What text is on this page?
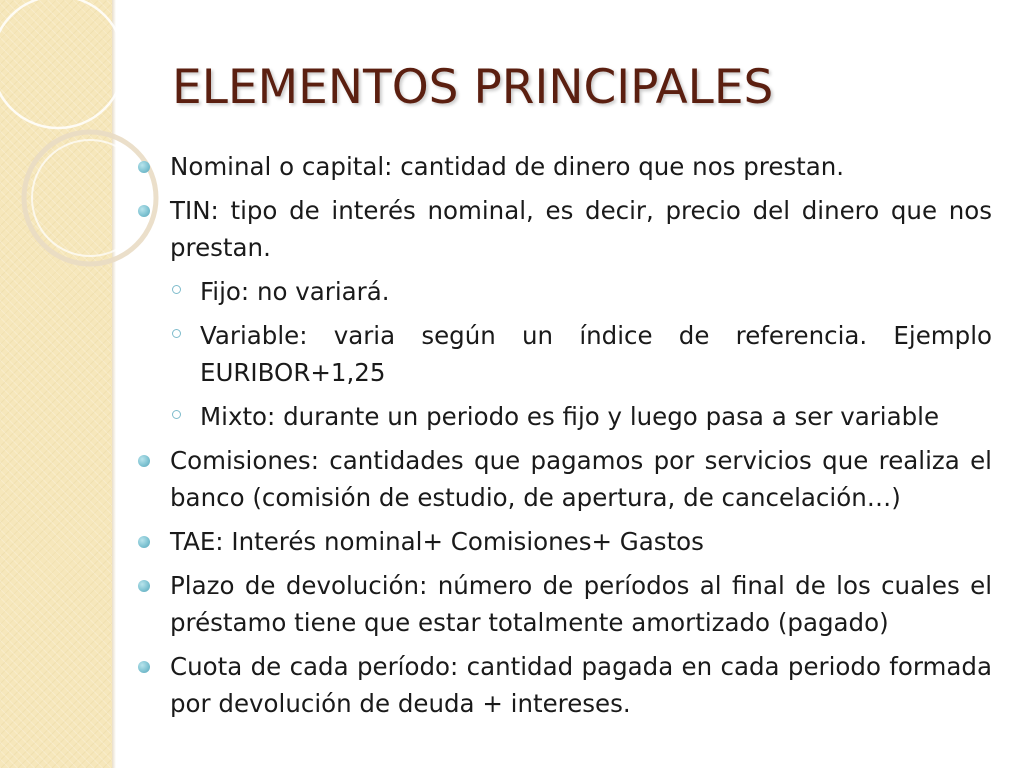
ELEMENTOS PRINCIPALES
Nominal o capital: cantidad de dinero que nos prestan.
TIN: tipo de interés nominal, es decir, precio del dinero que nos prestan.
Fijo: no variará.
Variable: varia según un índice de referencia. Ejemplo EURIBOR+1,25
Mixto: durante un periodo es fijo y luego pasa a ser variable
Comisiones: cantidades que pagamos por servicios que realiza el banco (comisión de estudio, de apertura, de cancelación…)
TAE: Interés nominal+ Comisiones+ Gastos
Plazo de devolución: número de períodos al final de los cuales el préstamo tiene que estar totalmente amortizado (pagado)
Cuota de cada período: cantidad pagada en cada periodo formada por devolución de deuda + intereses.
